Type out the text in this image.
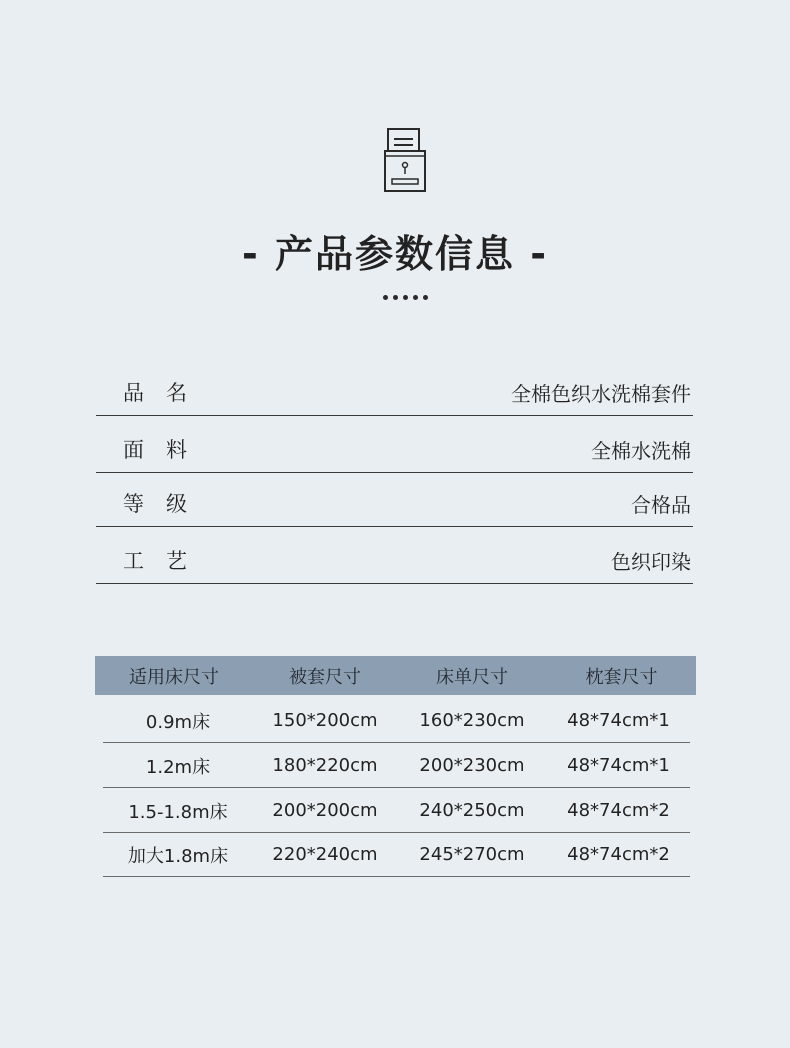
- 产品参数信息 -
品名	全棉色织水洗棉套件
面料	全棉水洗棉
等级	合格品
工艺	色织印染
适用床尺寸	被套尺寸	床单尺寸	枕套尺寸
0.9m床	150*200cm	160*230cm	48*74cm*1
1.2m床	180*220cm	200*230cm	48*74cm*1
1.5-1.8m床	200*200cm	240*250cm	48*74cm*2
加大1.8m床	220*240cm	245*270cm	48*74cm*2
